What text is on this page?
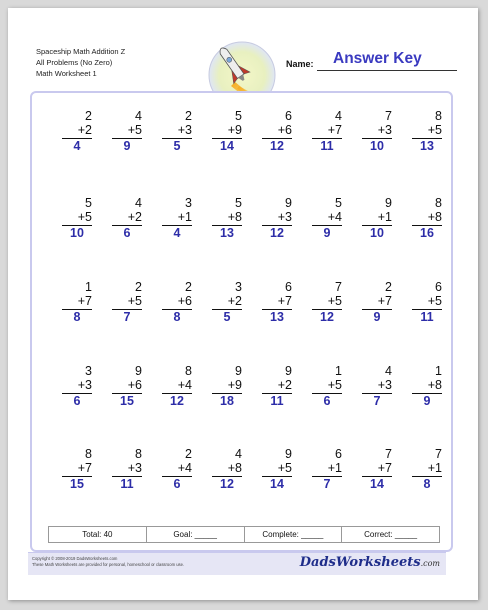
Spaceship Math Addition Z
All Problems (No Zero)
Math Worksheet 1
Name: Answer Key
2
+2
4
4
+5
9
2
+3
5
5
+9
14
6
+6
12
4
+7
11
7
+3
10
8
+5
13
5
+5
10
4
+2
6
3
+1
4
5
+8
13
9
+3
12
5
+4
9
9
+1
10
8
+8
16
1
+7
8
2
+5
7
2
+6
8
3
+2
5
6
+7
13
7
+5
12
2
+7
9
6
+5
11
3
+3
6
9
+6
15
8
+4
12
9
+9
18
9
+2
11
1
+5
6
4
+3
7
1
+8
9
8
+7
15
8
+3
11
2
+4
6
4
+8
12
9
+5
14
6
+1
7
7
+7
14
7
+1
8
Total: 40	Goal: _____	Complete: _____	Correct: _____
Copyright © 2008-2019 DadsWorksheets.com
These Math Worksheets are provided for personal, homeschool or classroom use.	DadsWorksheets.com
